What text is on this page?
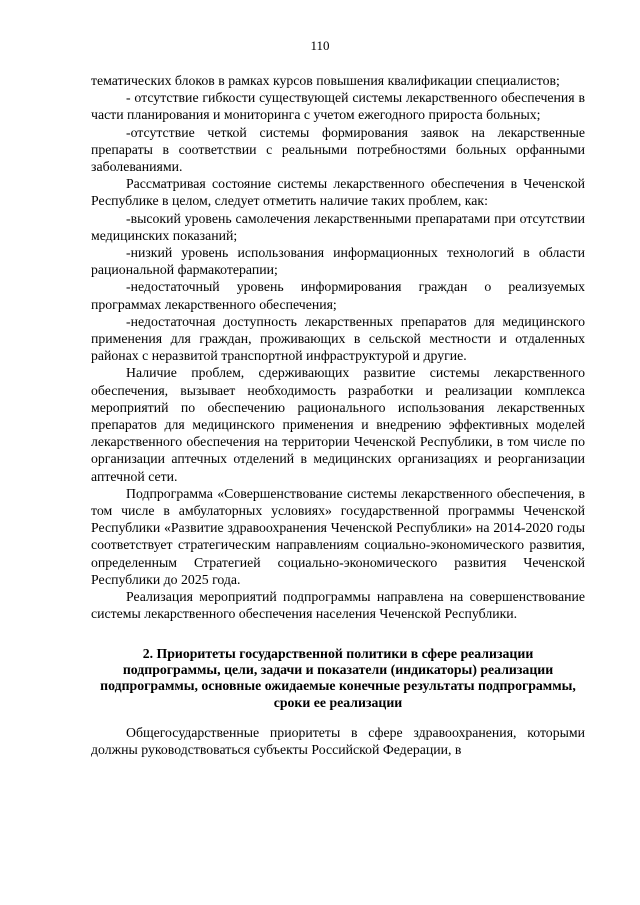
110

тематических блоков в рамках курсов повышения квалификации специалистов;

- отсутствие гибкости существующей системы лекарственного обеспечения в части планирования и мониторинга с учетом ежегодного прироста больных;

-отсутствие четкой системы формирования заявок на лекарственные препараты в соответствии с реальными потребностями больных орфанными заболеваниями.

Рассматривая состояние системы лекарственного обеспечения в Чеченской Республике в целом, следует отметить наличие таких проблем, как:

-высокий уровень самолечения лекарственными препаратами при отсутствии медицинских показаний;

-низкий уровень использования информационных технологий в области рациональной фармакотерапии;

-недостаточный уровень информирования граждан о реализуемых программах лекарственного обеспечения;

-недостаточная доступность лекарственных препаратов для медицинского применения для граждан, проживающих в сельской местности и отдаленных районах с неразвитой транспортной инфраструктурой и другие.

Наличие проблем, сдерживающих развитие системы лекарственного обеспечения, вызывает необходимость разработки и реализации комплекса мероприятий по обеспечению рационального использования лекарственных препаратов для медицинского применения и внедрению эффективных моделей лекарственного обеспечения на территории Чеченской Республики, в том числе по организации аптечных отделений в медицинских организациях и реорганизации аптечной сети.

Подпрограмма «Совершенствование системы лекарственного обеспечения, в том числе в амбулаторных условиях» государственной программы Чеченской Республики «Развитие здравоохранения Чеченской Республики» на 2014-2020 годы соответствует стратегическим направлениям социально-экономического развития, определенным Стратегией социально-экономического развития Чеченской Республики до 2025 года.

Реализация мероприятий подпрограммы направлена на совершенствование системы лекарственного обеспечения населения Чеченской Республики.

2. Приоритеты государственной политики в сфере реализации подпрограммы, цели, задачи и показатели (индикаторы) реализации подпрограммы, основные ожидаемые конечные результаты подпрограммы, сроки ее реализации

Общегосударственные приоритеты в сфере здравоохранения, которыми должны руководствоваться субъекты Российской Федерации, в
